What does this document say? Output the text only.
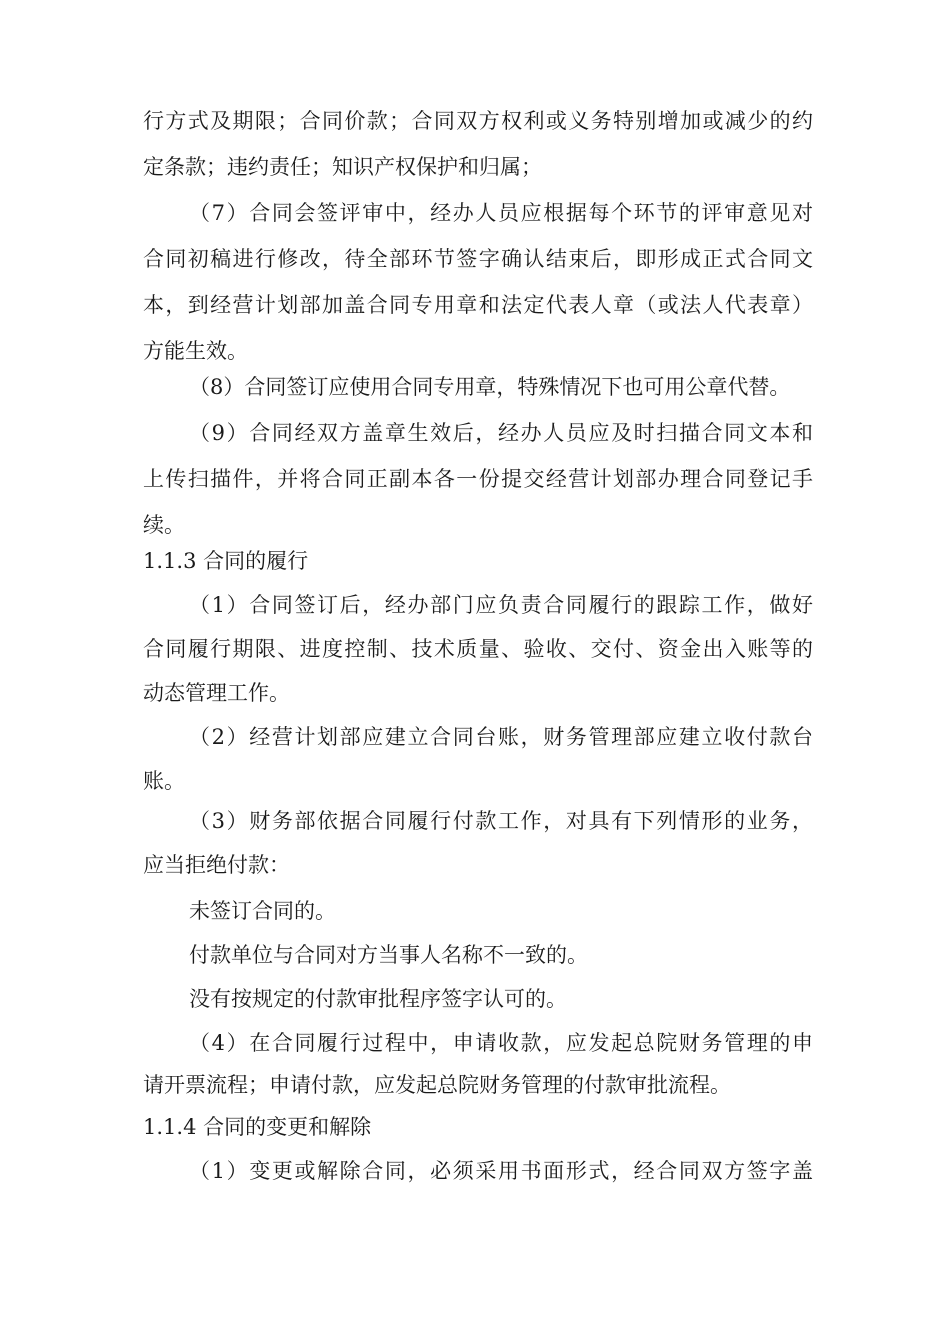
行方式及期限；合同价款；合同双方权利或义务特别增加或减少的约
定条款；违约责任；知识产权保护和归属；
（7）合同会签评审中，经办人员应根据每个环节的评审意见对
合同初稿进行修改，待全部环节签字确认结束后，即形成正式合同文
本，到经营计划部加盖合同专用章和法定代表人章（或法人代表章）
方能生效。
（8）合同签订应使用合同专用章，特殊情况下也可用公章代替。
（9）合同经双方盖章生效后，经办人员应及时扫描合同文本和
上传扫描件，并将合同正副本各一份提交经营计划部办理合同登记手
续。
1.1.3 合同的履行
（1）合同签订后，经办部门应负责合同履行的跟踪工作，做好
合同履行期限、进度控制、技术质量、验收、交付、资金出入账等的
动态管理工作。
（2）经营计划部应建立合同台账，财务管理部应建立收付款台
账。
（3）财务部依据合同履行付款工作，对具有下列情形的业务，
应当拒绝付款：
未签订合同的。
付款单位与合同对方当事人名称不一致的。
没有按规定的付款审批程序签字认可的。
（4）在合同履行过程中，申请收款，应发起总院财务管理的申
请开票流程；申请付款，应发起总院财务管理的付款审批流程。
1.1.4 合同的变更和解除
（1）变更或解除合同，必须采用书面形式，经合同双方签字盖
